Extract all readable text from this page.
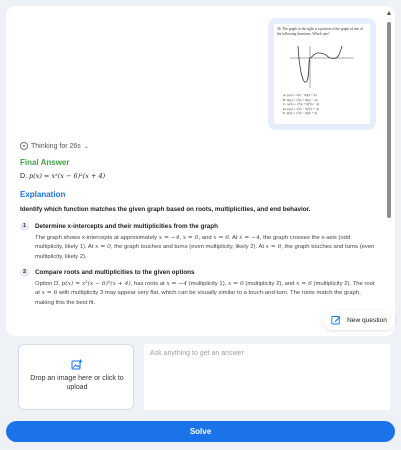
36. The graph to the right is a portion of the graph of one of the following functions. Which one?
A. p(x) = x(x − 6)(x + 4)
B. h(x) = x²(x + 6)(x − 4)
C. w(x) = x²(x + 6)²(x − 4)
D. p(x) = x²(x − 6)²(x + 4)
E. g(x) = x²(x − 6)(x + 4)
Thinking for 26s ⌄
Final Answer
D. p(x) = x²(x − 6)²(x + 4)
Explanation
Identify which function matches the given graph based on roots, multiplicities, and end behavior.
1	Determine x-intercepts and their multiplicities from the graph
The graph shows x-intercepts at approximately x = −4, x = 0, and x = 6. At x = −4, the graph crosses the x-axis (odd multiplicity, likely 1). At x = 0, the graph touches and turns (even multiplicity, likely 2). At x = 6, the graph touches and turns (even multiplicity, likely 2).
2	Compare roots and multiplicities to the given options
Option D, p(x) = x²(x − 6)²(x + 4), has roots at x = −4 (multiplicity 1), x = 0 (multiplicity 2), and x = 6 (multiplicity 2). The root at x = 6 with multiplicity 3 may appear very flat, which can be visually similar to a touch-and-turn. The roots match the graph, making this the best fit.
▲
New question
Drop an image here or click to upload
Ask anything to get an answer
Solve
